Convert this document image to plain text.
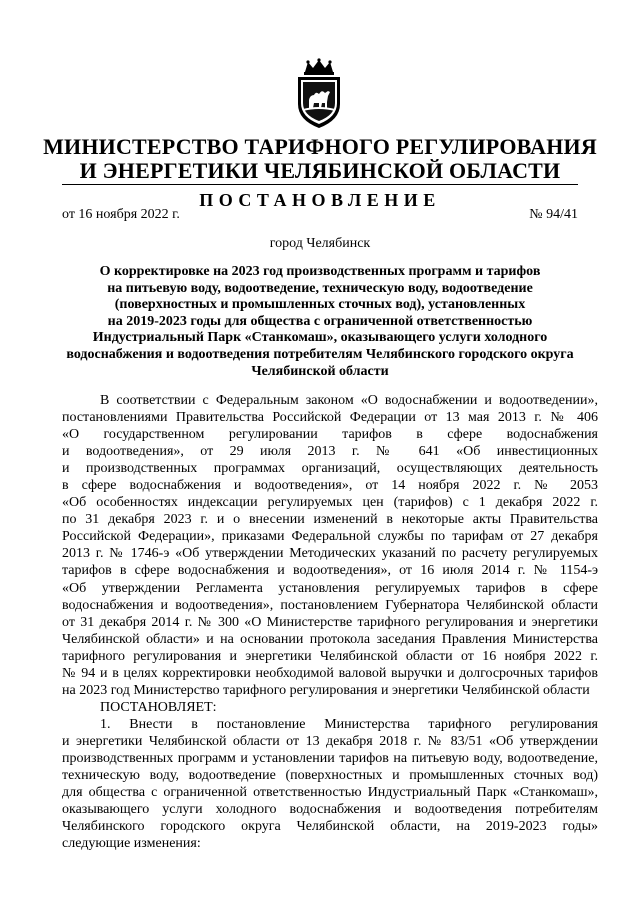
МИНИСТЕРСТВО ТАРИФНОГО РЕГУЛИРОВАНИЯ
И ЭНЕРГЕТИКИ ЧЕЛЯБИНСКОЙ ОБЛАСТИ
ПОСТАНОВЛЕНИЕ
от 16 ноября 2022 г.	№ 94/41
город Челябинск
О корректировке на 2023 год производственных программ и тарифов
на питьевую воду, водоотведение, техническую воду, водоотведение
(поверхностных и промышленных сточных вод), установленных
на 2019-2023 годы для общества с ограниченной ответственностью
Индустриальный Парк «Станкомаш», оказывающего услуги холодного
водоснабжения и водоотведения потребителям Челябинского городского округа
Челябинской области
В соответствии с Федеральным законом «О водоснабжении и водоотведении»,
постановлениями Правительства Российской Федерации от 13 мая 2013 г. № 406
«О государственном регулировании тарифов в сфере водоснабжения
и водоотведения», от 29 июля 2013 г. № 641 «Об инвестиционных
и производственных программах организаций, осуществляющих деятельность
в сфере водоснабжения и водоотведения», от 14 ноября 2022 г. № 2053
«Об особенностях индексации регулируемых цен (тарифов) с 1 декабря 2022 г.
по 31 декабря 2023 г. и о внесении изменений в некоторые акты Правительства
Российской Федерации», приказами Федеральной службы по тарифам от 27 декабря
2013 г. № 1746-э «Об утверждении Методических указаний по расчету регулируемых
тарифов в сфере водоснабжения и водоотведения», от 16 июля 2014 г. № 1154-э
«Об утверждении Регламента установления регулируемых тарифов в сфере
водоснабжения и водоотведения», постановлением Губернатора Челябинской области
от 31 декабря 2014 г. № 300 «О Министерстве тарифного регулирования и энергетики
Челябинской области» и на основании протокола заседания Правления Министерства
тарифного регулирования и энергетики Челябинской области от 16 ноября 2022 г.
№ 94 и в целях корректировки необходимой валовой выручки и долгосрочных тарифов
на 2023 год Министерство тарифного регулирования и энергетики Челябинской области
ПОСТАНОВЛЯЕТ:
1. Внести в постановление Министерства тарифного регулирования
и энергетики Челябинской области от 13 декабря 2018 г. № 83/51 «Об утверждении
производственных программ и установлении тарифов на питьевую воду, водоотведение,
техническую воду, водоотведение (поверхностных и промышленных сточных вод)
для общества с ограниченной ответственностью Индустриальный Парк «Станкомаш»,
оказывающего услуги холодного водоснабжения и водоотведения потребителям
Челябинского городского округа Челябинской области, на 2019-2023 годы»
следующие изменения:
